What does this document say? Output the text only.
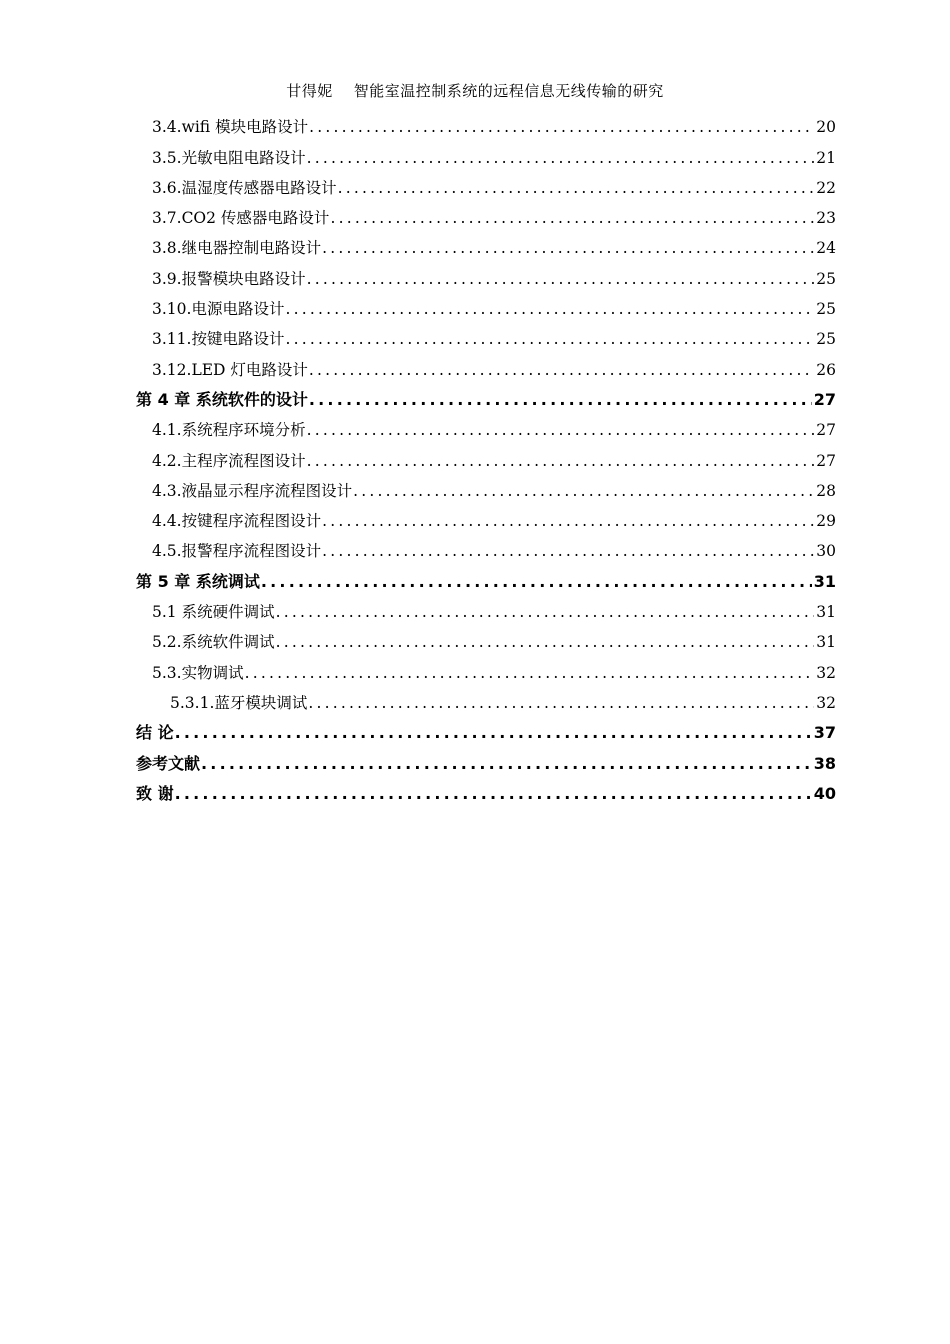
甘得妮    智能室温控制系统的远程信息无线传输的研究
3.4.wifi 模块电路设计 .....	20
3.5.光敏电阻电路设计 .....	21
3.6.温湿度传感器电路设计 .....	22
3.7.CO2 传感器电路设计 .....	23
3.8.继电器控制电路设计 .....	24
3.9.报警模块电路设计 .....	25
3.10.电源电路设计 .....	25
3.11.按键电路设计 .....	25
3.12.LED 灯电路设计 .....	26
第 4 章 系统软件的设计 .....	27
4.1.系统程序环境分析 .....	27
4.2.主程序流程图设计 .....	27
4.3.液晶显示程序流程图设计 .....	28
4.4.按键程序流程图设计 .....	29
4.5.报警程序流程图设计 .....	30
第 5 章 系统调试 .....	31
5.1 系统硬件调试 .....	31
5.2.系统软件调试 .....	31
5.3.实物调试 .....	32
5.3.1.蓝牙模块调试 .....	32
结 论 .....	37
参考文献 .....	38
致 谢 .....	40
